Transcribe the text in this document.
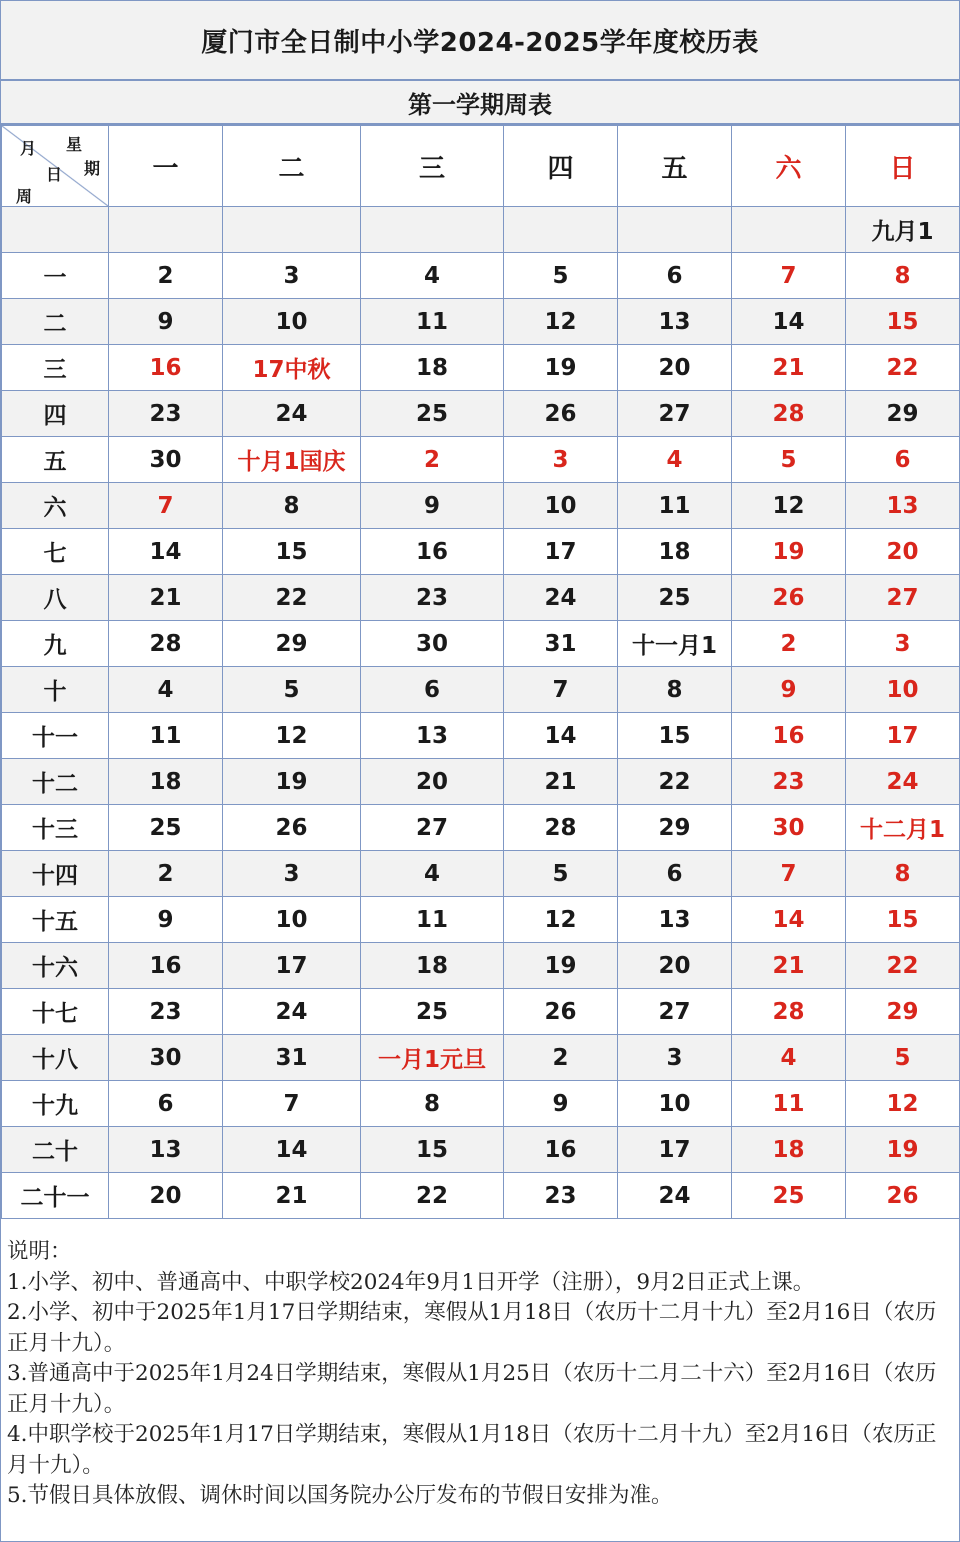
厦门市全日制中小学2024-2025学年度校历表
第一学期周表
月 星
期
日
周	一	二	三	四	五	六	日
							九月1
一	2	3	4	5	6	7	8
二	9	10	11	12	13	14	15
三	16	17中秋	18	19	20	21	22
四	23	24	25	26	27	28	29
五	30	十月1国庆	2	3	4	5	6
六	7	8	9	10	11	12	13
七	14	15	16	17	18	19	20
八	21	22	23	24	25	26	27
九	28	29	30	31	十一月1	2	3
十	4	5	6	7	8	9	10
十一	11	12	13	14	15	16	17
十二	18	19	20	21	22	23	24
十三	25	26	27	28	29	30	十二月1
十四	2	3	4	5	6	7	8
十五	9	10	11	12	13	14	15
十六	16	17	18	19	20	21	22
十七	23	24	25	26	27	28	29
十八	30	31	一月1元旦	2	3	4	5
十九	6	7	8	9	10	11	12
二十	13	14	15	16	17	18	19
二十一	20	21	22	23	24	25	26
说明：
1.小学、初中、普通高中、中职学校2024年9月1日开学（注册），9月2日正式上课。
2.小学、初中于2025年1月17日学期结束，寒假从1月18日（农历十二月十九）至2月16日（农历正月十九）。
3.普通高中于2025年1月24日学期结束，寒假从1月25日（农历十二月二十六）至2月16日（农历正月十九）。
4.中职学校于2025年1月17日学期结束，寒假从1月18日（农历十二月十九）至2月16日（农历正月十九）。
5.节假日具体放假、调休时间以国务院办公厅发布的节假日安排为准。
